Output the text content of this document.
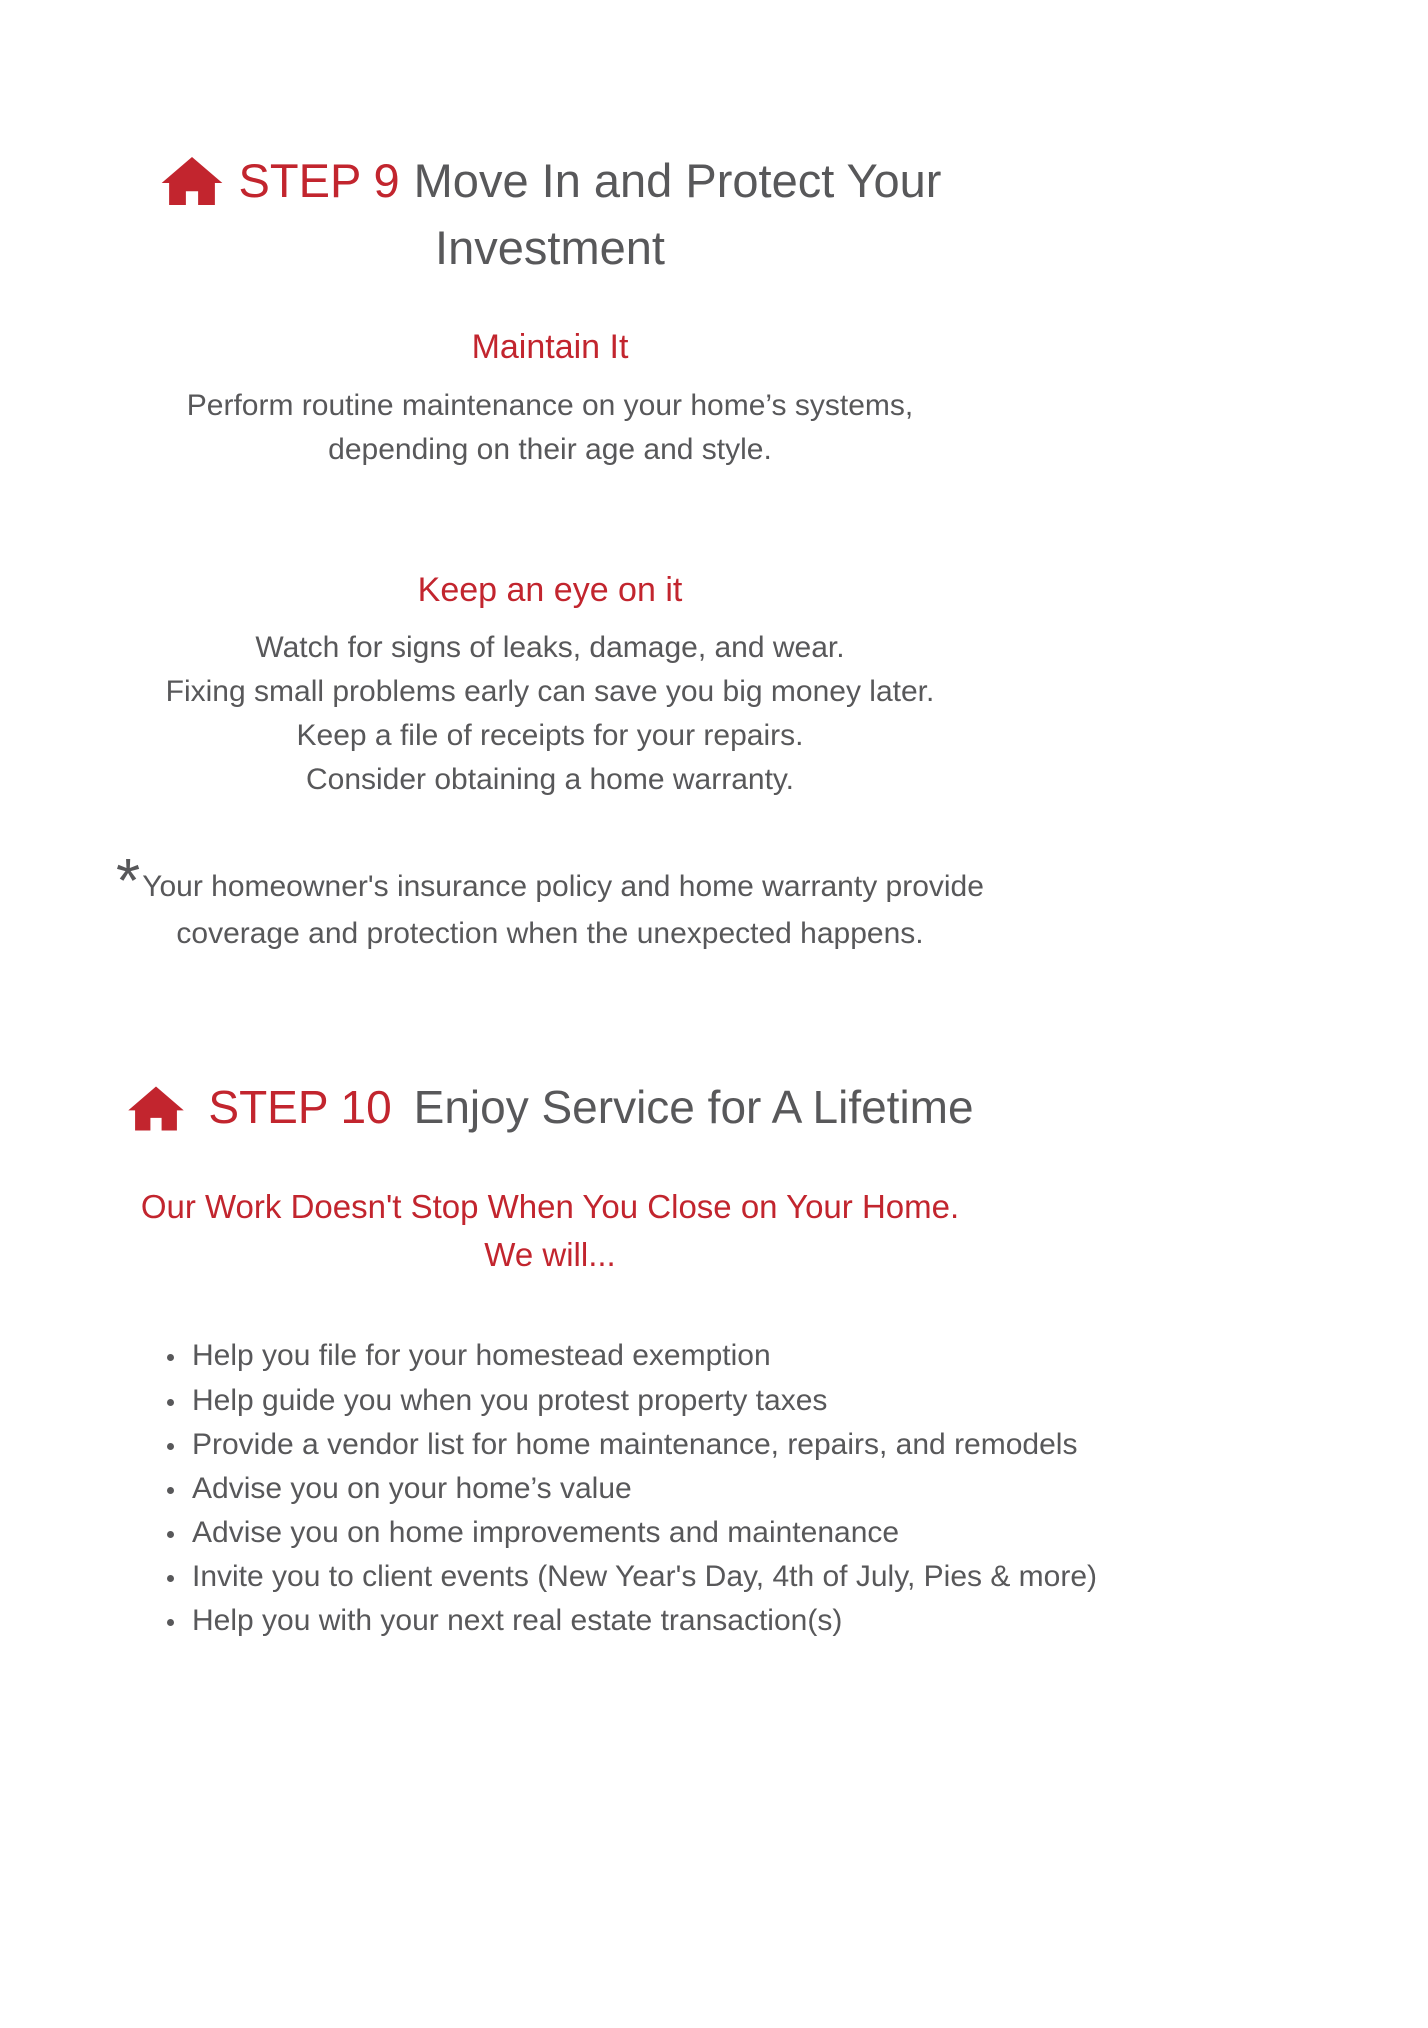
STEP 9 Move In and Protect Your
Investment
Maintain It
Perform routine maintenance on your home’s systems,
depending on their age and style.
Keep an eye on it
Watch for signs of leaks, damage, and wear.
Fixing small problems early can save you big money later.
Keep a file of receipts for your repairs.
Consider obtaining a home warranty.
*Your homeowner's insurance policy and home warranty provide
coverage and protection when the unexpected happens.
STEP 10 Enjoy Service for A Lifetime
Our Work Doesn't Stop When You Close on Your Home.
We will...
• Help you file for your homestead exemption
• Help guide you when you protest property taxes
• Provide a vendor list for home maintenance, repairs, and remodels
• Advise you on your home’s value
• Advise you on home improvements and maintenance
• Invite you to client events (New Year's Day, 4th of July, Pies & more)
• Help you with your next real estate transaction(s)
